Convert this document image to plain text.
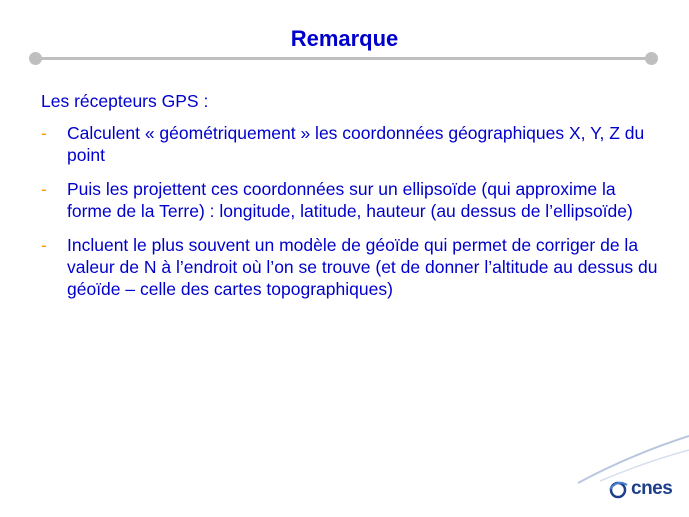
Remarque

Les récepteurs GPS :

- Calculent « géométriquement » les coordonnées géographiques X, Y, Z du point
- Puis les projettent ces coordonnées sur un ellipsoïde (qui approxime la forme de la Terre) : longitude, latitude, hauteur (au dessus de l’ellipsoïde)
- Incluent le plus souvent un modèle de géoïde qui permet de corriger de la valeur de N à l’endroit où l’on se trouve (et de donner l’altitude au dessus du géoïde – celle des cartes topographiques)
cnes
